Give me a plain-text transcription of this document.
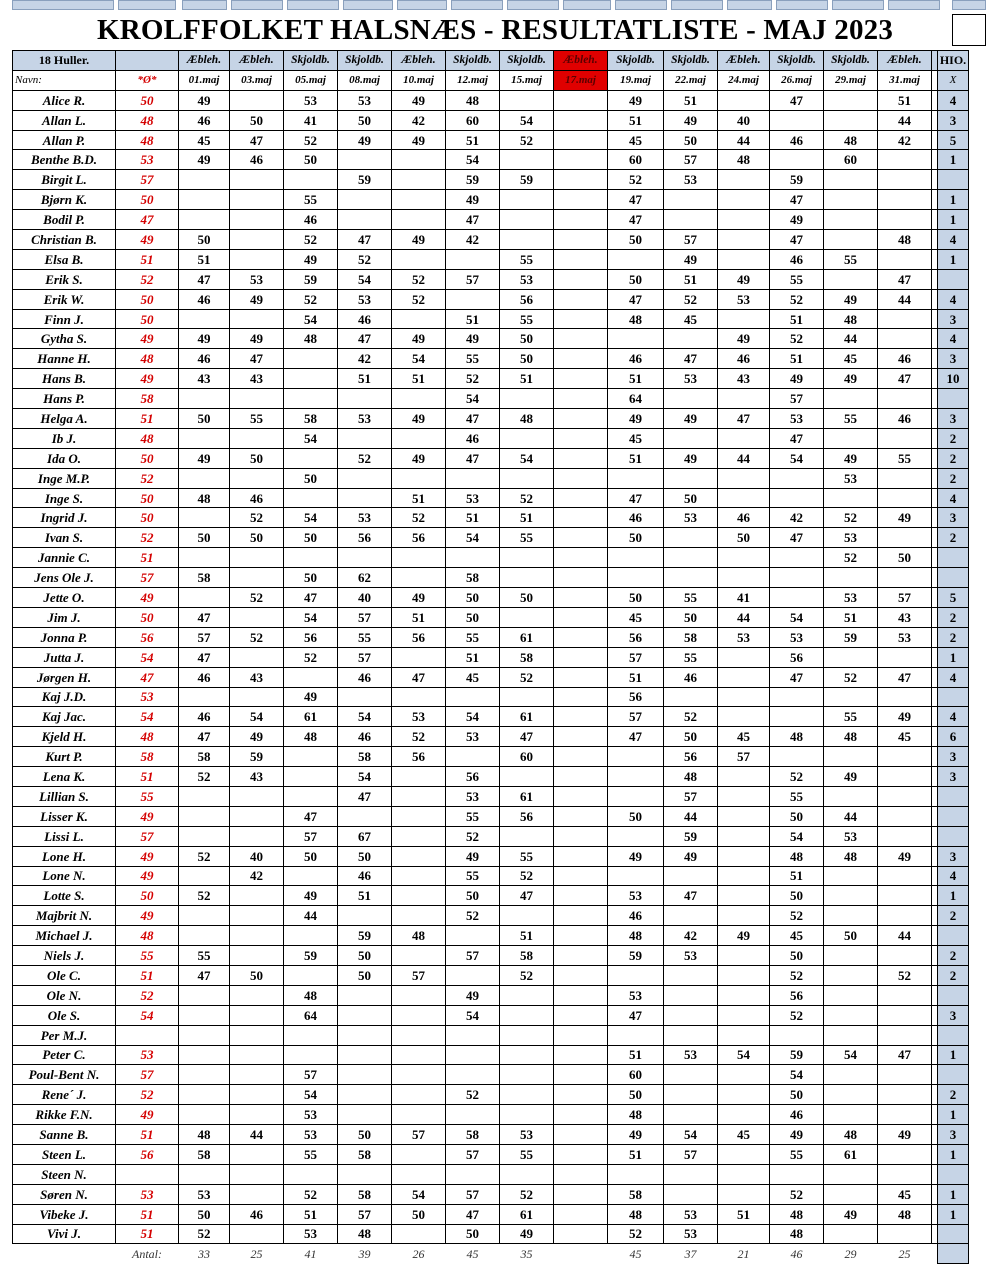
KROLFFOLKET HALSNÆS - RESULTATLISTE - MAJ 2023
18 Huller.		Æbleh.	Æbleh.	Skjoldb.	Skjoldb.	Æbleh.	Skjoldb.	Skjoldb.	Æbleh.	Skjoldb.	Skjoldb.	Æbleh.	Skjoldb.	Skjoldb.	Æbleh.		HIO.
Navn:	*Ø*	01.maj	03.maj	05.maj	08.maj	10.maj	12.maj	15.maj	17.maj	19.maj	22.maj	24.maj	26.maj	29.maj	31.maj		X
Alice R.	50	49		53	53	49	48			49	51		47		51		4
Allan L.	48	46	50	41	50	42	60	54		51	49	40			44		3
Allan P.	48	45	47	52	49	49	51	52		45	50	44	46	48	42		5
Benthe B.D.	53	49	46	50			54			60	57	48		60			1
Birgit L.	57				59		59	59		52	53		59				
Bjørn K.	50			55			49			47			47				1
Bodil P.	47			46			47			47			49				1
Christian B.	49	50		52	47	49	42			50	57		47		48		4
Elsa B.	51	51		49	52			55			49		46	55			1
Erik S.	52	47	53	59	54	52	57	53		50	51	49	55		47		
Erik W.	50	46	49	52	53	52		56		47	52	53	52	49	44		4
Finn J.	50			54	46		51	55		48	45		51	48			3
Gytha S.	49	49	49	48	47	49	49	50				49	52	44			4
Hanne H.	48	46	47		42	54	55	50		46	47	46	51	45	46		3
Hans B.	49	43	43		51	51	52	51		51	53	43	49	49	47		10
Hans P.	58						54			64			57				
Helga A.	51	50	55	58	53	49	47	48		49	49	47	53	55	46		3
Ib J.	48			54			46			45			47				2
Ida O.	50	49	50		52	49	47	54		51	49	44	54	49	55		2
Inge M.P.	52			50										53			2
Inge S.	50	48	46			51	53	52		47	50						4
Ingrid J.	50		52	54	53	52	51	51		46	53	46	42	52	49		3
Ivan S.	52	50	50	50	56	56	54	55		50		50	47	53			2
Jannie C.	51													52	50		
Jens Ole J.	57	58		50	62		58										
Jette O.	49		52	47	40	49	50	50		50	55	41		53	57		5
Jim J.	50	47		54	57	51	50			45	50	44	54	51	43		2
Jonna P.	56	57	52	56	55	56	55	61		56	58	53	53	59	53		2
Jutta J.	54	47		52	57		51	58		57	55		56				1
Jørgen H.	47	46	43		46	47	45	52		51	46		47	52	47		4
Kaj J.D.	53			49						56							
Kaj Jac.	54	46	54	61	54	53	54	61		57	52			55	49		4
Kjeld H.	48	47	49	48	46	52	53	47		47	50	45	48	48	45		6
Kurt P.	58	58	59		58	56		60			56	57					3
Lena K.	51	52	43		54		56				48		52	49			3
Lillian S.	55				47		53	61			57		55				
Lisser K.	49			47			55	56		50	44		50	44			
Lissi L.	57			57	67		52				59		54	53			
Lone H.	49	52	40	50	50		49	55		49	49		48	48	49		3
Lone N.	49		42		46		55	52					51				4
Lotte S.	50	52		49	51		50	47		53	47		50				1
Majbrit N.	49			44			52			46			52				2
Michael J.	48				59	48		51		48	42	49	45	50	44		
Niels J.	55	55		59	50		57	58		59	53		50				2
Ole C.	51	47	50		50	57		52					52		52		2
Ole N.	52			48			49			53			56				
Ole S.	54			64			54			47			52				3
Per M.J.																	
Peter C.	53									51	53	54	59	54	47		1
Poul-Bent N.	57			57						60			54				
Rene´ J.	52			54			52			50			50				2
Rikke F.N.	49			53						48			46				1
Sanne B.	51	48	44	53	50	57	58	53		49	54	45	49	48	49		3
Steen L.	56	58		55	58		57	55		51	57		55	61			1
Steen N.																	
Søren N.	53	53		52	58	54	57	52		58			52		45		1
Vibeke J.	51	50	46	51	57	50	47	61		48	53	51	48	49	48		1
Vivi J.	51	52		53	48		50	49		52	53		48				
	Antal:	33	25	41	39	26	45	35		45	37	21	46	29	25		
